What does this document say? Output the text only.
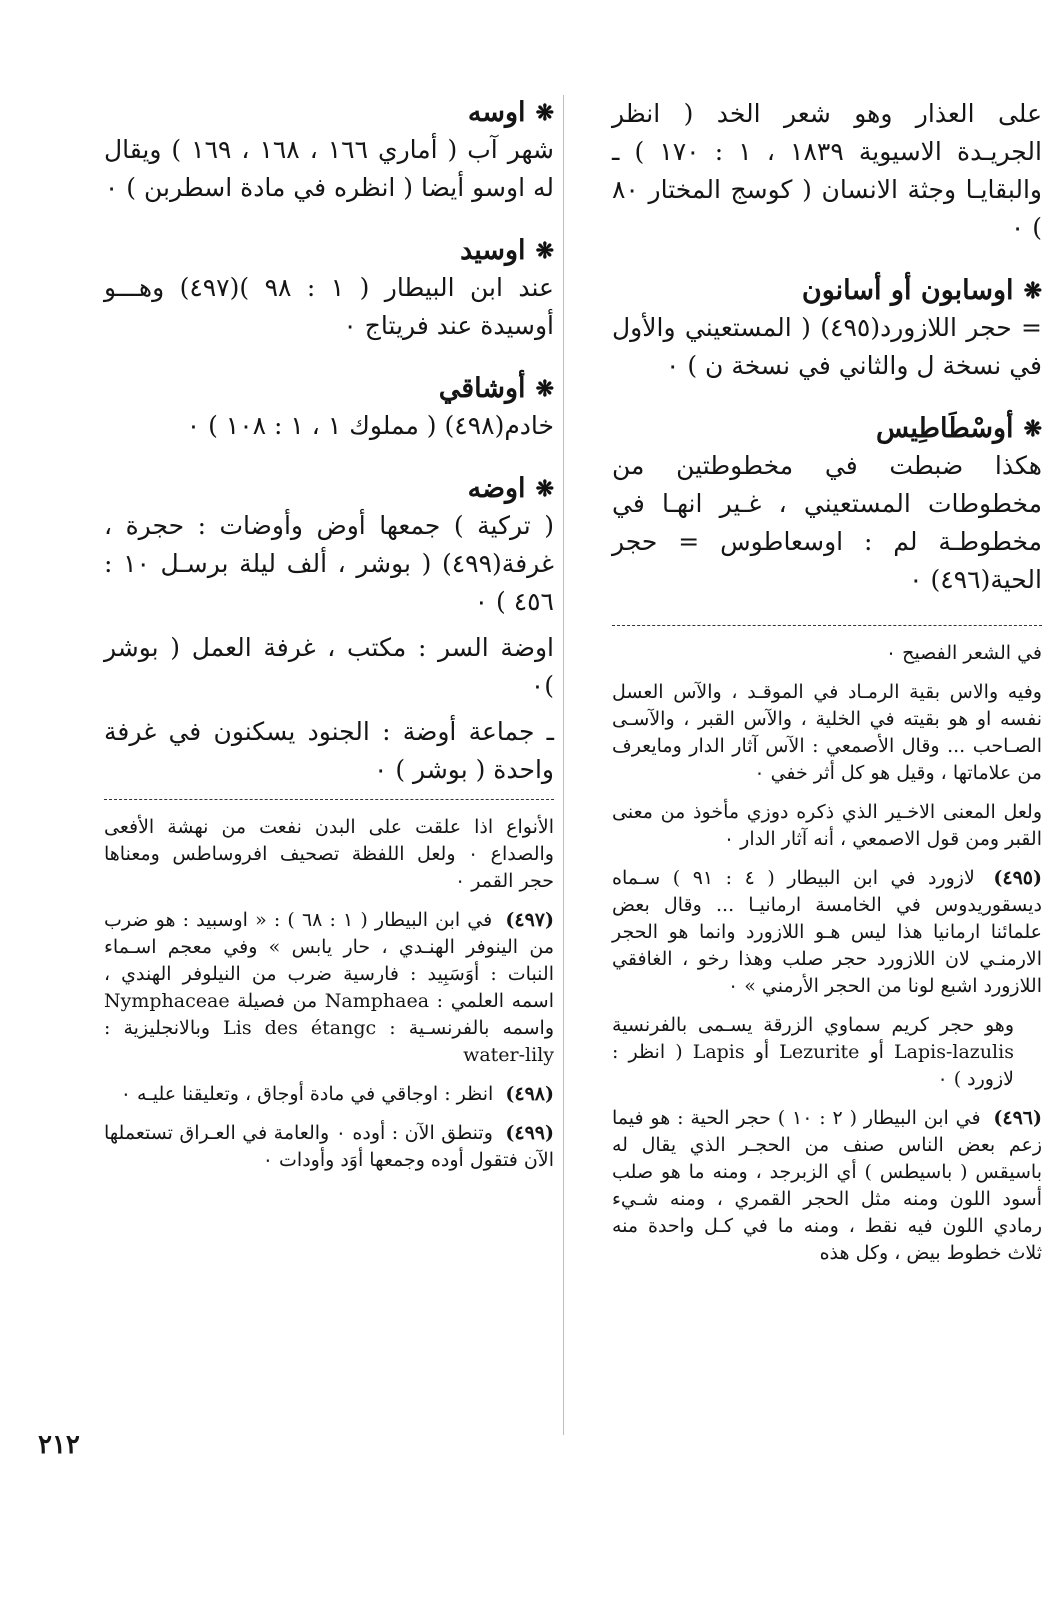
على العذار وهو شعر الخد ( انظر الجريـدة الاسيوية ١٨٣٩ ، ١ : ١٧٠ ) ـ والبقايـا وجثة الانسان ( كوسج المختار ٨٠ ) ٠
❋
اوسابون أو أسانون
= حجر اللازورد(٤٩٥) ( المستعيني والأول في نسخة ل والثاني في نسخة ن ) ٠
❋
أوسْطَاطِيس
هكذا ضبطت في مخطوطتين من مخطوطات المستعيني ، غـير انهـا في مخطوطـة لم : اوسعاطوس = حجر الحية(٤٩٦) ٠
في الشعر الفصيح ٠
وفيه والاس بقية الرمـاد في الموقـد ، والآس العسل نفسه او هو بقيته في الخلية ، والآس القبر ، والآسـى الصـاحب ... وقال الأصمعي : الآس آثار الدار ومايعرف من علاماتها ، وقيل هو كل أثر خفي ٠
ولعل المعنى الاخـير الذي ذكره دوزي مأخوذ من معنى القبر ومن قول الاصمعي ، أنه آثار الدار ٠
(٤٩٥) لازورد في ابن البيطار ( ٤ : ٩١ ) سـماه ديسقوريدوس في الخامسة ارمانيـا ... وقال بعض علمائنا ارمانيا هذا ليس هـو اللازورد وانما هو الحجر الارمنـي لان اللازورد حجر صلب وهذا رخو ، الغافقي اللازورد اشبع لونا من الحجر الأرمني » ٠
وهو حجر كريم سماوي الزرقة يسـمى بالفرنسية Lapis-lazulis أو Lezurite أو Lapis ( انظر : لازورد ) ٠
(٤٩٦) في ابن البيطار ( ٢ : ١٠ ) حجر الحية : هو فيما زعم بعض الناس صنف من الحجـر الذي يقال له باسيقس ( باسيطس ) أي الزبرجد ، ومنه ما هو صلب أسود اللون ومنه مثل الحجر القمري ، ومنه شـيء رمادي اللون فيه نقط ، ومنه ما في كـل واحدة منه ثلاث خطوط بيض ، وكل هذه
❋
اوسه
شهر آب ( أماري ١٦٦ ، ١٦٨ ، ١٦٩ ) ويقال له اوسو أيضا ( انظره في مادة اسطربن ) ٠
❋
اوسيد
عند ابن البيطار ( ١ : ٩٨ )(٤٩٧) وهـــو أوسيدة عند فريتاج ٠
❋
أوشاقي
خادم(٤٩٨) ( مملوك ١ ، ١ : ١٠٨ ) ٠
❋
اوضه
( تركية ) جمعها أوض وأوضات : حجرة ، غرفة(٤٩٩) ( بوشر ، ألف ليلة برسـل ١٠ : ٤٥٦ ) ٠
اوضة السر : مكتب ، غرفة العمل ( بوشر )٠
ـ جماعة أوضة : الجنود يسكنون في غرفة واحدة ( بوشر ) ٠
الأنواع اذا علقت على البدن نفعت من نهشة الأفعى والصداع ٠ ولعل اللفظة تصحيف افروساطس ومعناها حجر القمر ٠
(٤٩٧) في ابن البيطار ( ١ : ٦٨ ) : « اوسبيد : هو ضرب من الينوفر الهنـدي ، حار يابس » وفي معجم اسـماء النبات : أوَسَبِيد : فارسية ضرب من النيلوفر الهندي ، اسمه العلمي : Namphaea من فصيلة Nymphaceae واسمه بالفرنسـية : Lis des étangc وبالانجليزية : water-lily
(٤٩٨) انظر : اوجاقي في مادة أوجاق ، وتعليقنا عليـه ٠
(٤٩٩) وتنطق الآن : أوده ٠ والعامة في العـراق تستعملها الآن فتقول أوده وجمعها أوَد وأودات ٠
٢١٢
